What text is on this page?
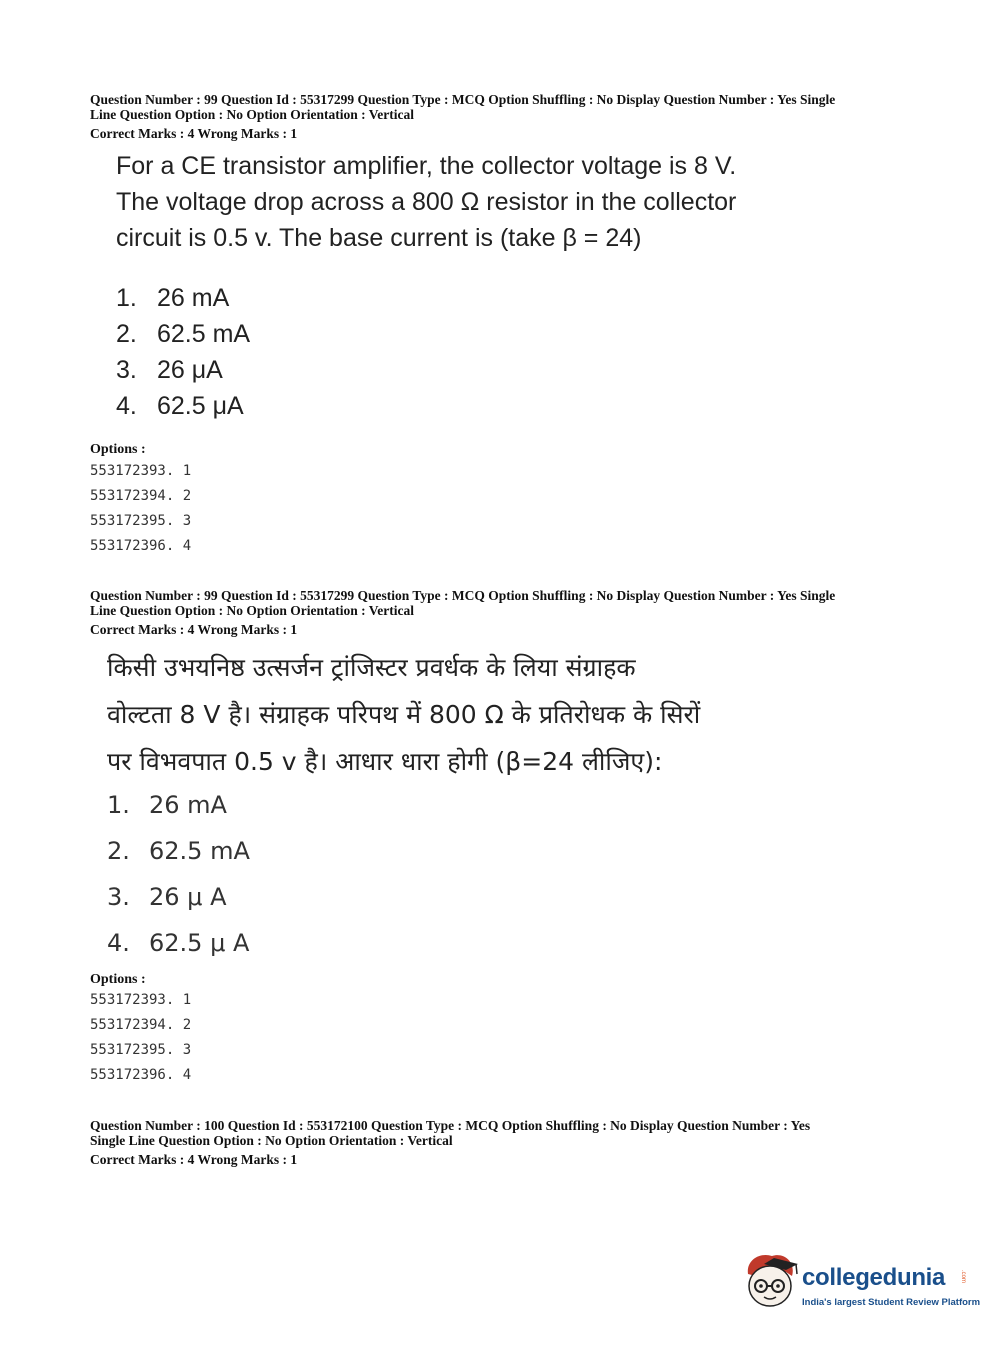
Question Number : 99 Question Id : 55317299 Question Type : MCQ Option Shuffling : No Display Question Number : Yes Single
Line Question Option : No Option Orientation : Vertical
Correct Marks : 4 Wrong Marks : 1
For a CE transistor amplifier, the collector voltage is 8 V.
The voltage drop across a 800 Ω resistor in the collector
circuit is 0.5 v. The base current is (take β = 24)
1. 26 mA
2. 62.5 mA
3. 26 μA
4. 62.5 μA
Options :
553172393. 1
553172394. 2
553172395. 3
553172396. 4
Question Number : 99 Question Id : 55317299 Question Type : MCQ Option Shuffling : No Display Question Number : Yes Single
Line Question Option : No Option Orientation : Vertical
Correct Marks : 4 Wrong Marks : 1
किसी उभयनिष्ठ उत्सर्जन ट्रांजिस्टर प्रवर्धक के लिया संग्राहक
वोल्टता 8 V है। संग्राहक परिपथ में 800 Ω के प्रतिरोधक के सिरों
पर विभवपात 0.5 v है। आधार धारा होगी (β=24 लीजिए):
1. 26 mA
2. 62.5 mA
3. 26 μ A
4. 62.5 μ A
Options :
553172393. 1
553172394. 2
553172395. 3
553172396. 4
Question Number : 100 Question Id : 553172100 Question Type : MCQ Option Shuffling : No Display Question Number : Yes
Single Line Question Option : No Option Orientation : Vertical
Correct Marks : 4 Wrong Marks : 1
collegedunia
India's largest Student Review Platform
.com
